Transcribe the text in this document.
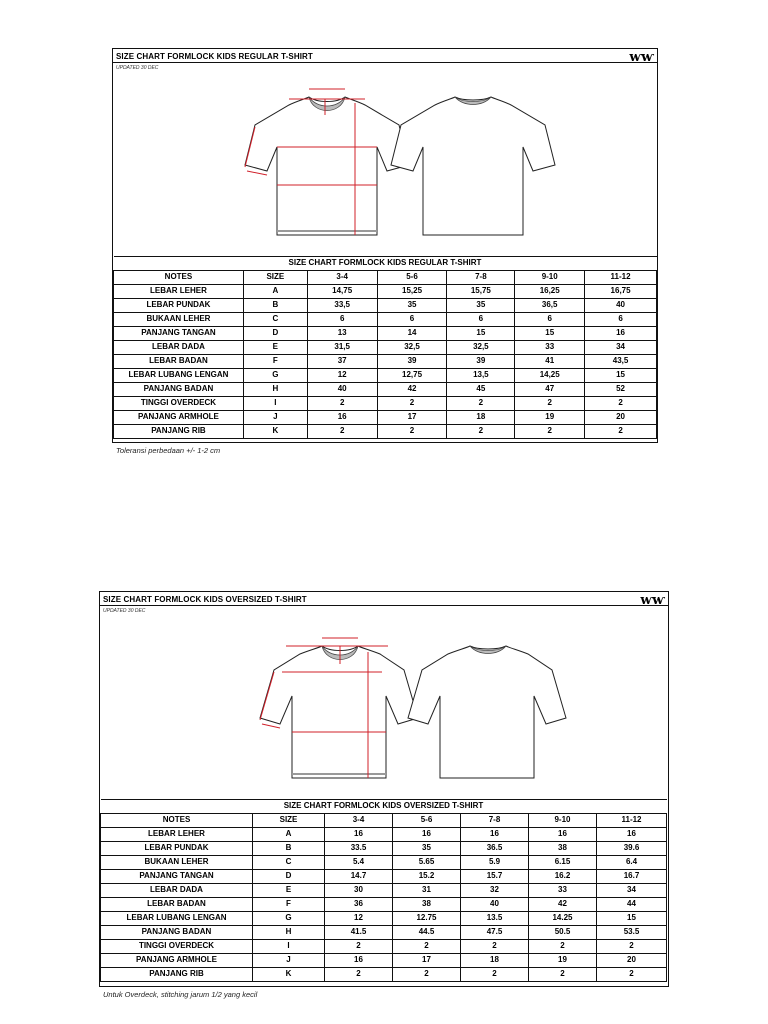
SIZE CHART FORMLOCK KIDS REGULAR T-SHIRT	ⱳⱳ
UPDATED 30 DEC
SIZE CHART FORMLOCK KIDS REGULAR T-SHIRT						
NOTES	SIZE	3-4	5-6	7-8	9-10	11-12
LEBAR LEHER	A	14,75	15,25	15,75	16,25	16,75
LEBAR PUNDAK	B	33,5	35	35	36,5	40
BUKAAN LEHER	C	6	6	6	6	6
PANJANG TANGAN	D	13	14	15	15	16
LEBAR DADA	E	31,5	32,5	32,5	33	34
LEBAR BADAN	F	37	39	39	41	43,5
LEBAR LUBANG LENGAN	G	12	12,75	13,5	14,25	15
PANJANG BADAN	H	40	42	45	47	52
TINGGI OVERDECK	I	2	2	2	2	2
PANJANG ARMHOLE	J	16	17	18	19	20
PANJANG RIB	K	2	2	2	2	2
Toleransi perbedaan +/- 1-2 cm
SIZE CHART FORMLOCK KIDS OVERSIZED T-SHIRT	ⱳⱳ
UPDATED 30 DEC
SIZE CHART FORMLOCK KIDS OVERSIZED T-SHIRT						
NOTES	SIZE	3-4	5-6	7-8	9-10	11-12
LEBAR LEHER	A	16	16	16	16	16
LEBAR PUNDAK	B	33.5	35	36.5	38	39.6
BUKAAN LEHER	C	5.4	5.65	5.9	6.15	6.4
PANJANG TANGAN	D	14.7	15.2	15.7	16.2	16.7
LEBAR DADA	E	30	31	32	33	34
LEBAR BADAN	F	36	38	40	42	44
LEBAR LUBANG LENGAN	G	12	12.75	13.5	14.25	15
PANJANG BADAN	H	41.5	44.5	47.5	50.5	53.5
TINGGI OVERDECK	I	2	2	2	2	2
PANJANG ARMHOLE	J	16	17	18	19	20
PANJANG RIB	K	2	2	2	2	2
Untuk Overdeck, stitching jarum 1/2 yang kecil
